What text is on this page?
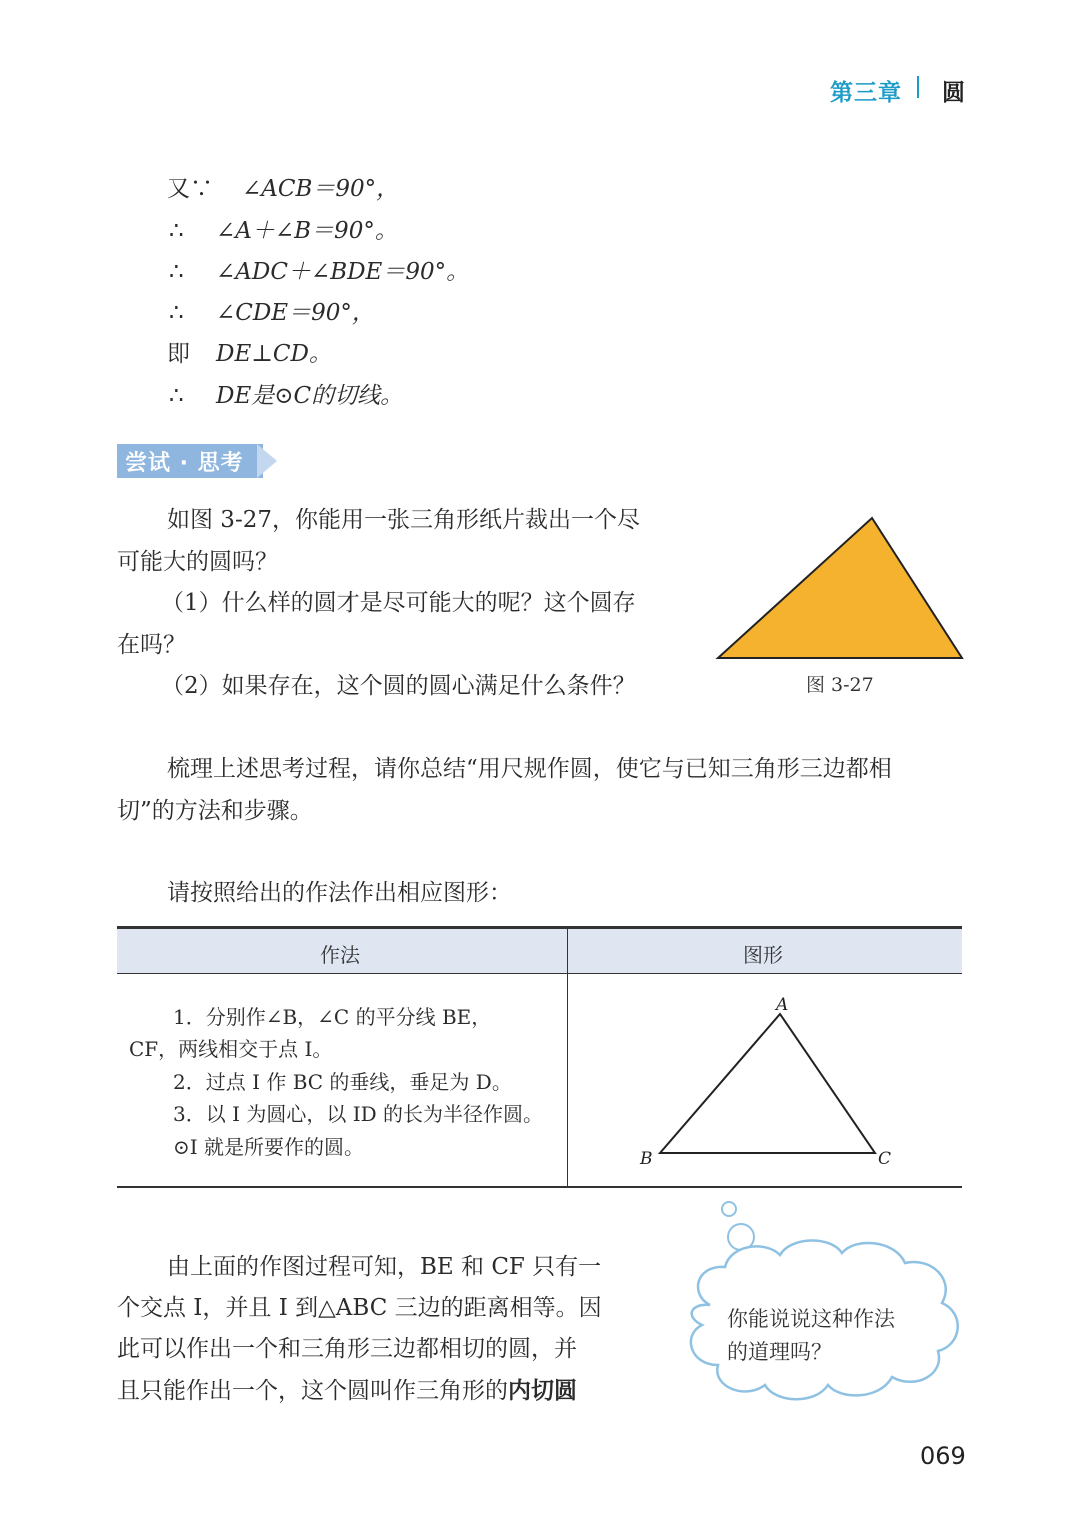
第三章 圆
又∵ ∠ACB＝90°，
∴ ∠A＋∠B＝90°。
∴ ∠ADC＋∠BDE＝90°。
∴ ∠CDE＝90°，
即 DE⊥CD。
∴ DE是⊙C的切线。
尝试 · 思考
如图 3-27，你能用一张三角形纸片裁出一个尽
可能大的圆吗？
（1）什么样的圆才是尽可能大的呢？这个圆存
在吗？
（2）如果存在，这个圆的圆心满足什么条件？	图 3-27
梳理上述思考过程，请你总结“用尺规作圆，使它与已知三角形三边都相
切”的方法和步骤。
请按照给出的作法作出相应图形：
作法	图形
1．分别作∠B，∠C 的平分线 BE，
CF，两线相交于点 I。
2．过点 I 作 BC 的垂线，垂足为 D。
3．以 I 为圆心，以 ID 的长为半径作圆。
⊙I 就是所要作的圆。
A
B	C
由上面的作图过程可知，BE 和 CF 只有一
个交点 I，并且 I 到△ABC 三边的距离相等。因
此可以作出一个和三角形三边都相切的圆，并
且只能作出一个，这个圆叫作三角形的内切圆
你能说说这种作法
的道理吗？
069
